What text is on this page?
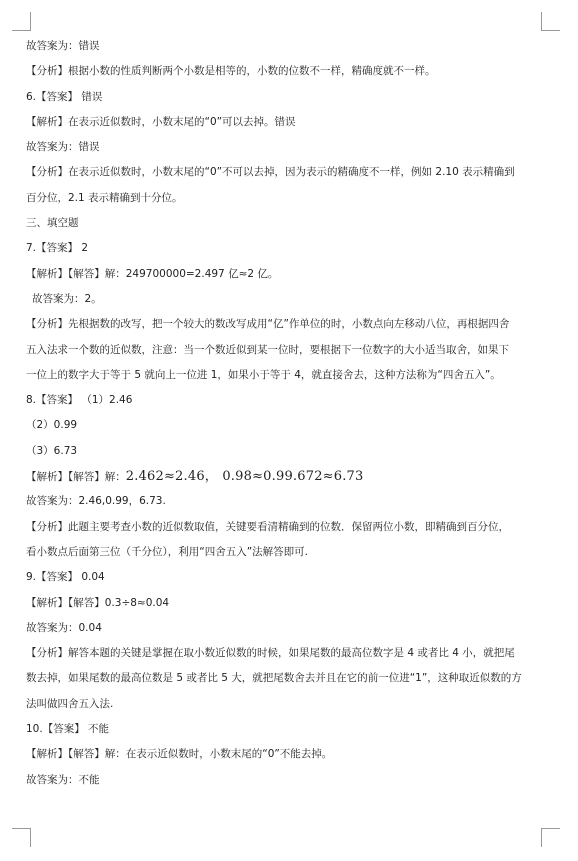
故答案为：错误
【分析】根据小数的性质判断两个小数是相等的，小数的位数不一样，精确度就不一样。
6.【答案】 错误
【解析】在表示近似数时，小数末尾的“0”可以去掉。错误
故答案为：错误
【分析】在表示近似数时，小数末尾的“0”不可以去掉，因为表示的精确度不一样，例如 2.10 表示精确到
百分位，2.1 表示精确到十分位。
三、填空题
7.【答案】 2
【解析】【解答】解：249700000=2.497 亿≈2 亿。
故答案为：2。
【分析】先根据数的改写，把一个较大的数改写成用“亿”作单位的时，小数点向左移动八位，再根据四舍
五入法求一个数的近似数，注意：当一个数近似到某一位时，要根据下一位数字的大小适当取舍，如果下
一位上的数字大于等于 5 就向上一位进 1，如果小于等于 4，就直接舍去，这种方法称为“四舍五入”。
8.【答案】 （1）2.46
（2）0.99
（3）6.73
【解析】【解答】解：2.462≈2.46， 0.98≈0.99.672≈6.73
故答案为：2.46,0.99，6.73.
【分析】此题主要考查小数的近似数取值，关键要看清精确到的位数．保留两位小数，即精确到百分位，
看小数点后面第三位（千分位），利用“四舍五入”法解答即可.
9.【答案】 0.04
【解析】【解答】0.3÷8≈0.04
故答案为：0.04
【分析】解答本题的关键是掌握在取小数近似数的时候，如果尾数的最高位数字是 4 或者比 4 小，就把尾
数去掉，如果尾数的最高位数是 5 或者比 5 大，就把尾数舍去并且在它的前一位进“1”，这种取近似数的方
法叫做四舍五入法.
10.【答案】 不能
【解析】【解答】解：在表示近似数时，小数末尾的“0”不能去掉。
故答案为：不能
